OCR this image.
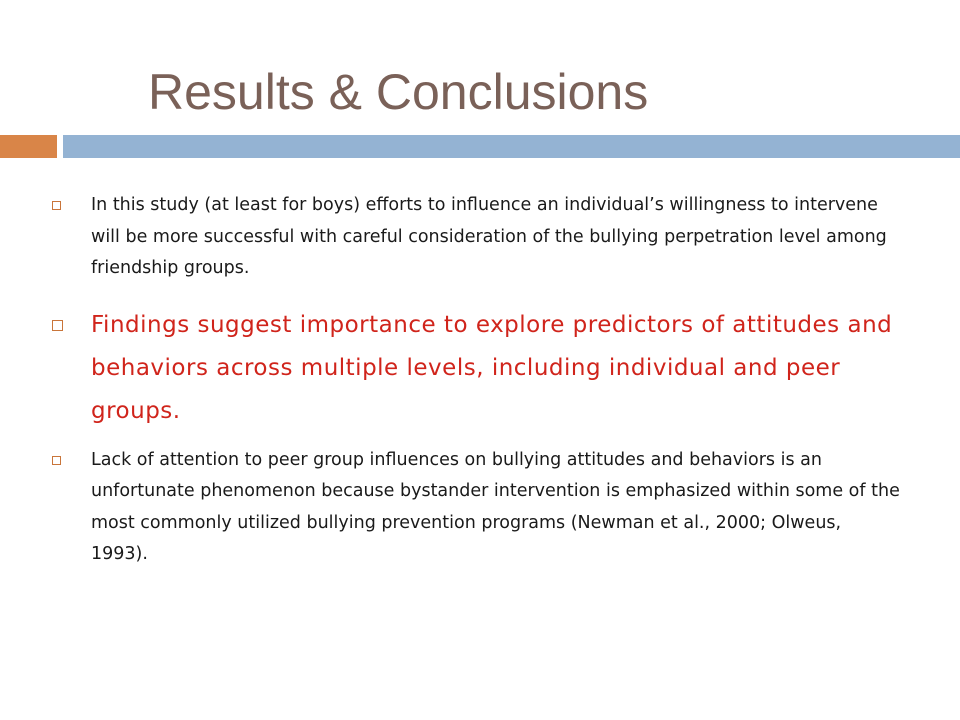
Results & Conclusions
In this study (at least for boys) efforts to influence an individual’s willingness to intervene will be more successful with careful consideration of the bullying perpetration level among friendship groups.
Findings suggest importance to explore predictors of attitudes and behaviors across multiple levels, including individual and peer groups.
Lack of attention to peer group influences on bullying attitudes and behaviors is an unfortunate phenomenon because bystander intervention is emphasized within some of the most commonly utilized bullying prevention programs (Newman et al., 2000; Olweus, 1993).
